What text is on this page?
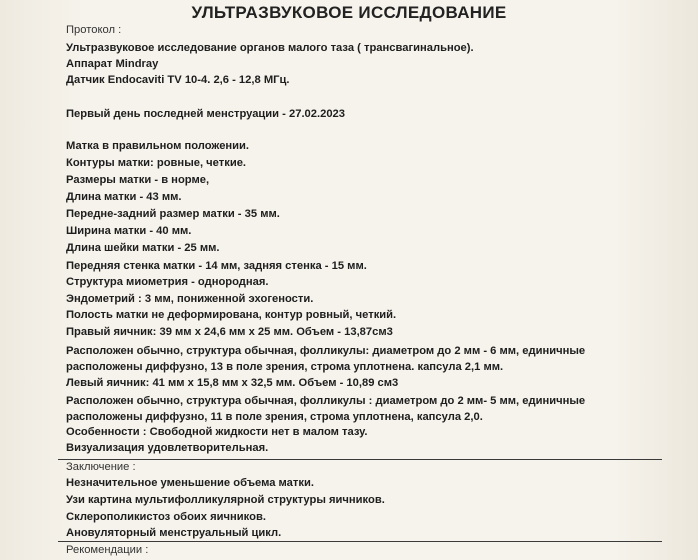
УЛЬТРАЗВУКОВОЕ ИССЛЕДОВАНИЕ
Протокол :
Ультразвуковое исследование органов малого таза ( трансвагинальное).
Аппарат Mindray
Датчик Endocaviti TV 10-4. 2,6 - 12,8 МГц.
Первый день последней менструации - 27.02.2023
Матка в правильном положении.
Контуры матки: ровные, четкие.
Размеры матки - в норме,
Длина матки - 43 мм.
Передне-задний размер матки - 35 мм.
Ширина матки - 40 мм.
Длина шейки матки - 25 мм.
Передняя стенка матки - 14 мм, задняя стенка - 15 мм.
Структура миометрия - однородная.
Эндометрий : 3 мм, пониженной эхогености.
Полость матки не деформирована, контур ровный, четкий.
Правый яичник: 39 мм х 24,6 мм х 25 мм. Объем - 13,87см3
Расположен обычно, структура обычная, фолликулы: диаметром до 2 мм - 6 мм, единичные
расположены диффузно, 13 в поле зрения, строма уплотнена. капсула 2,1 мм.
Левый яичник: 41 мм х 15,8 мм х 32,5 мм. Объем - 10,89 см3
Расположен обычно, структура обычная, фолликулы : диаметром до 2 мм- 5 мм, единичные
расположены диффузно, 11 в поле зрения, строма уплотнена, капсула 2,0.
Особенности : Свободной жидкости нет в малом тазу.
Визуализация удовлетворительная.
Заключение :
Незначительное уменьшение объема матки.
Узи картина мультифолликулярной структуры яичников.
Склерополикистоз обоих яичников.
Ановуляторный менструальный цикл.
Рекомендации :
